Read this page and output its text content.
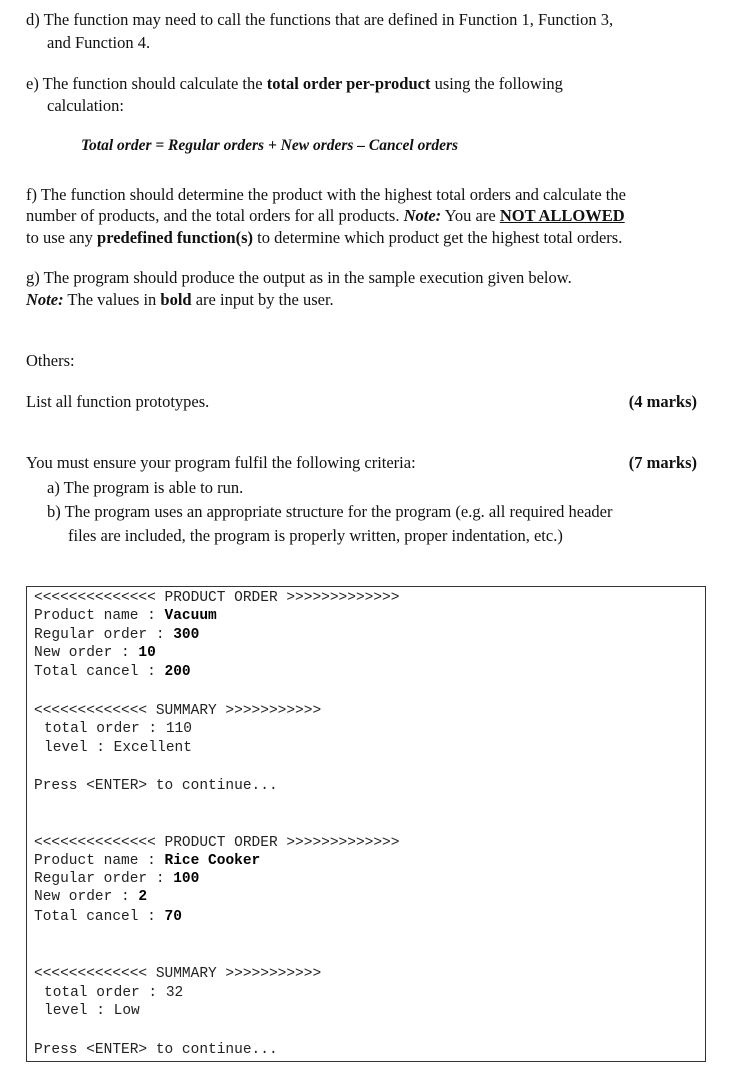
d) The function may need to call the functions that are defined in Function 1, Function 3,
and Function 4.
e) The function should calculate the total order per-product using the following
calculation:
Total order = Regular orders + New orders – Cancel orders
f) The function should determine the product with the highest total orders and calculate the
number of products, and the total orders for all products. Note: You are NOT ALLOWED
to use any predefined function(s) to determine which product get the highest total orders.
g) The program should produce the output as in the sample execution given below.
Note: The values in bold are input by the user.
Others:
List all function prototypes.	(4 marks)
You must ensure your program fulfil the following criteria:	(7 marks)
a) The program is able to run.
b) The program uses an appropriate structure for the program (e.g. all required header
files are included, the program is properly written, proper indentation, etc.)
<<<<<<<<<<<<<< PRODUCT ORDER >>>>>>>>>>>>>
Product name : Vacuum
Regular order : 300
New order : 10
Total cancel : 200
<<<<<<<<<<<<< SUMMARY >>>>>>>>>>>
total order : 110
level : Excellent
Press <ENTER> to continue...
<<<<<<<<<<<<<< PRODUCT ORDER >>>>>>>>>>>>>
Product name : Rice Cooker
Regular order : 100
New order : 2
Total cancel : 70
<<<<<<<<<<<<< SUMMARY >>>>>>>>>>>
total order : 32
level : Low
Press <ENTER> to continue...
